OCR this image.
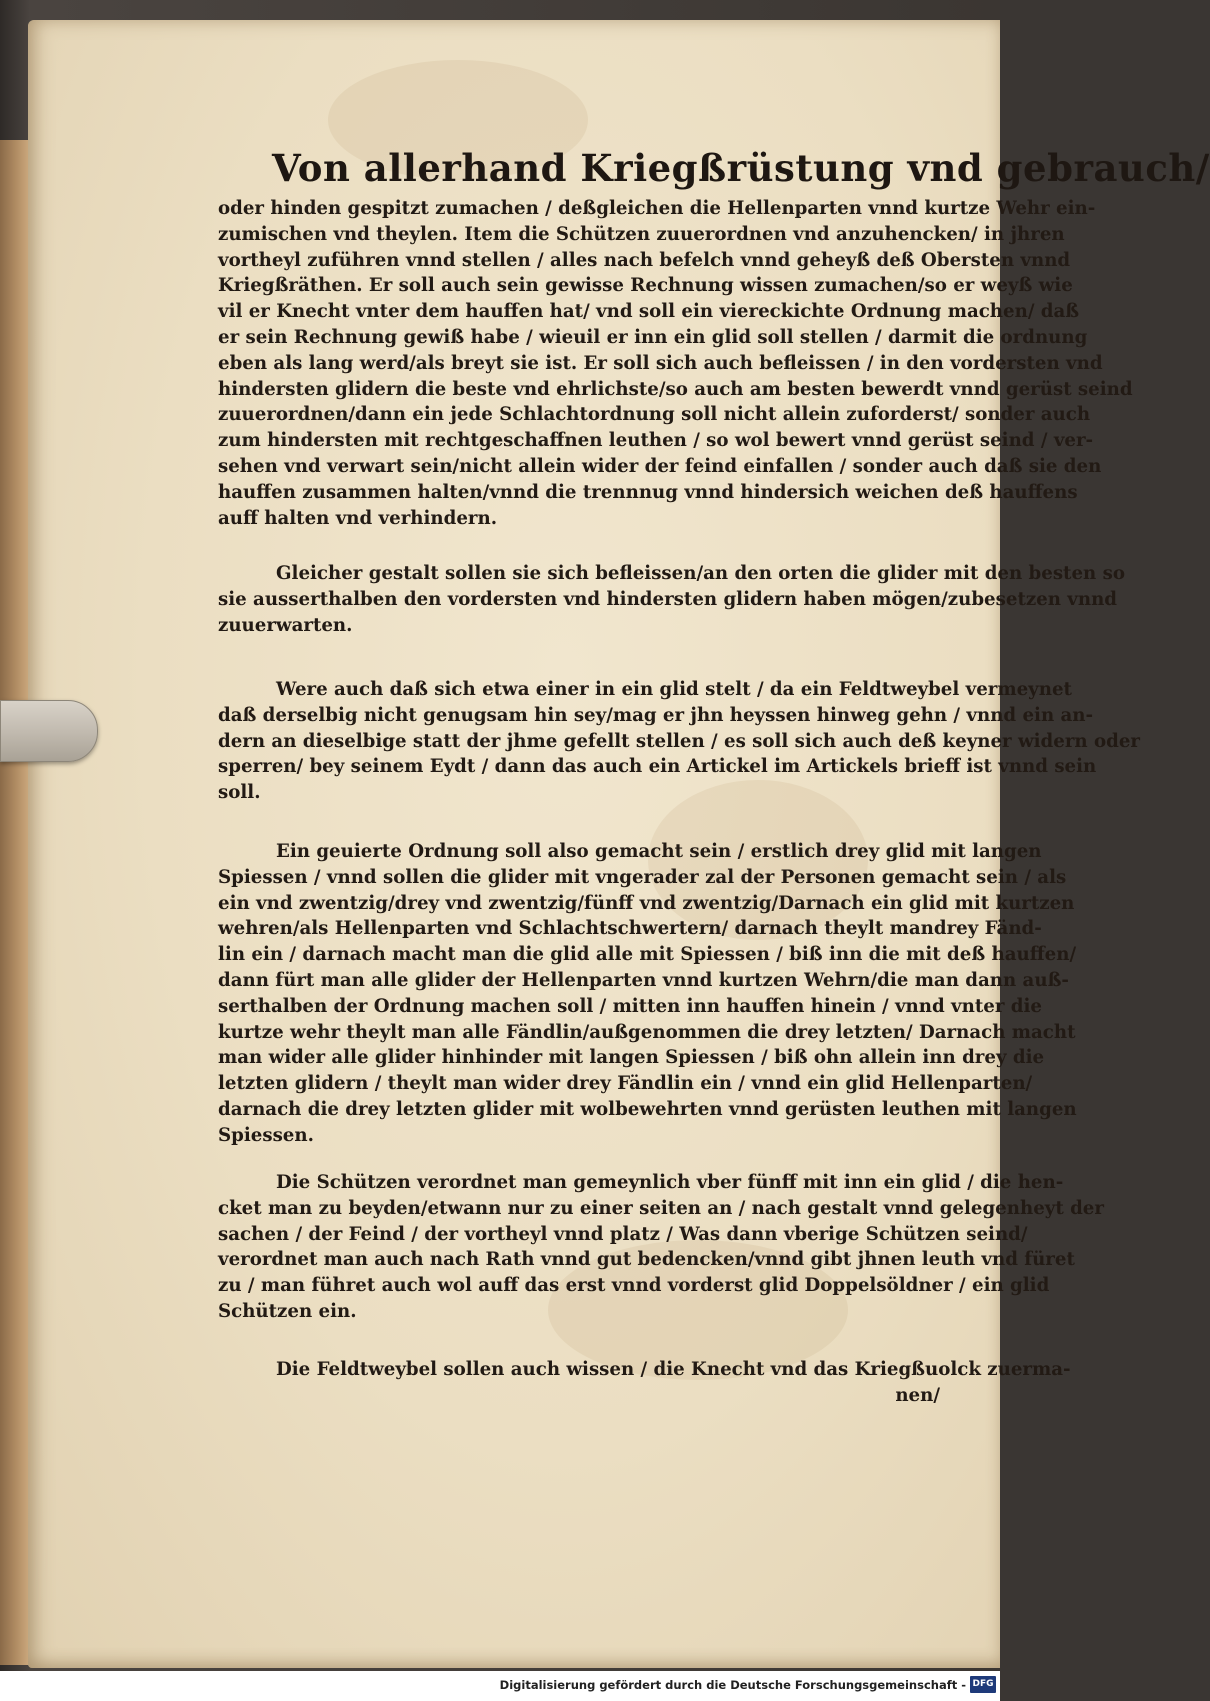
Von allerhand Kriegßrüstung vnd gebrauch/
oder hinden gespitzt zumachen / deßgleichen die Hellenparten vnnd kurtze Wehr ein-
zumischen vnd theylen. Item die Schützen zuuerordnen vnd anzuhencken/ in jhren
vortheyl zuführen vnnd stellen / alles nach befelch vnnd geheyß deß Obersten vnnd
Kriegßräthen. Er soll auch sein gewisse Rechnung wissen zumachen/so er weyß wie
vil er Knecht vnter dem hauffen hat/ vnd soll ein viereckichte Ordnung machen/ daß
er sein Rechnung gewiß habe / wieuil er inn ein glid soll stellen / darmit die ordnung
eben als lang werd/als breyt sie ist. Er soll sich auch befleissen / in den vordersten vnd
hindersten glidern die beste vnd ehrlichste/so auch am besten bewerdt vnnd gerüst seind
zuuerordnen/dann ein jede Schlachtordnung soll nicht allein zuforderst/ sonder auch
zum hindersten mit rechtgeschaffnen leuthen / so wol bewert vnnd gerüst seind / ver-
sehen vnd verwart sein/nicht allein wider der feind einfallen / sonder auch daß sie den
hauffen zusammen halten/vnnd die trennnug vnnd hindersich weichen deß hauffens
auff halten vnd verhindern.
Gleicher gestalt sollen sie sich befleissen/an den orten die glider mit den besten so
sie ausserthalben den vordersten vnd hindersten glidern haben mögen/zubesetzen vnnd
zuuerwarten.
Were auch daß sich etwa einer in ein glid stelt / da ein Feldtweybel vermeynet
daß derselbig nicht genugsam hin sey/mag er jhn heyssen hinweg gehn / vnnd ein an-
dern an dieselbige statt der jhme gefellt stellen / es soll sich auch deß keyner widern oder
sperren/ bey seinem Eydt / dann das auch ein Artickel im Artickels brieff ist vnnd sein
soll.
Ein geuierte Ordnung soll also gemacht sein / erstlich drey glid mit langen
Spiessen / vnnd sollen die glider mit vngerader zal der Personen gemacht sein / als
ein vnd zwentzig/drey vnd zwentzig/fünff vnd zwentzig/Darnach ein glid mit kurtzen
wehren/als Hellenparten vnd Schlachtschwertern/ darnach theylt mandrey Fänd-
lin ein / darnach macht man die glid alle mit Spiessen / biß inn die mit deß hauffen/
dann fürt man alle glider der Hellenparten vnnd kurtzen Wehrn/die man dann auß-
serthalben der Ordnung machen soll / mitten inn hauffen hinein / vnnd vnter die
kurtze wehr theylt man alle Fändlin/außgenommen die drey letzten/ Darnach macht
man wider alle glider hinhinder mit langen Spiessen / biß ohn allein inn drey die
letzten glidern / theylt man wider drey Fändlin ein / vnnd ein glid Hellenparten/
darnach die drey letzten glider mit wolbewehrten vnnd gerüsten leuthen mit langen
Spiessen.
Die Schützen verordnet man gemeynlich vber fünff mit inn ein glid / die hen-
cket man zu beyden/etwann nur zu einer seiten an / nach gestalt vnnd gelegenheyt der
sachen / der Feind / der vortheyl vnnd platz / Was dann vberige Schützen seind/
verordnet man auch nach Rath vnnd gut bedencken/vnnd gibt jhnen leuth vnd füret
zu / man führet auch wol auff das erst vnnd vorderst glid Doppelsöldner / ein glid
Schützen ein.
Die Feldtweybel sollen auch wissen / die Knecht vnd das Kriegßuolck zuerma-
nen/
Digitalisierung gefördert durch die Deutsche Forschungsgemeinschaft - DFG
